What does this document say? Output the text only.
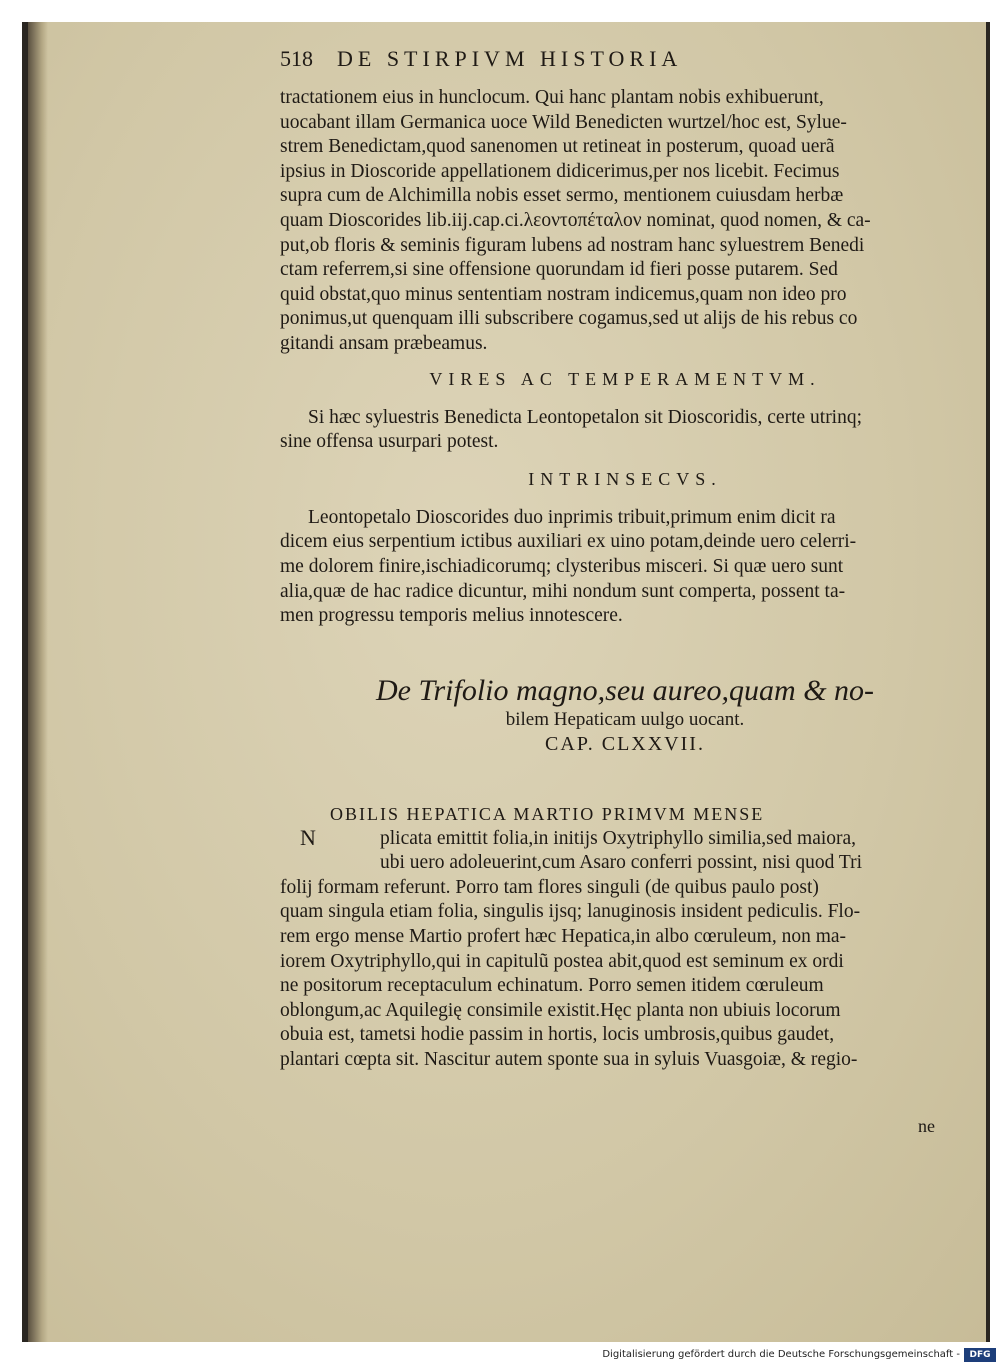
518 DE STIRPIVM HISTORIA

tractationem eius in hunclocum. Qui hanc plantam nobis exhibuerunt,

uocabant illam Germanica uoce Wild Benedicten wurtzel/hoc est, Sylue-

strem Benedictam,quod sanenomen ut retineat in posterum, quoad uerã

ipsius in Dioscoride appellationem didicerimus,per nos licebit. Fecimus

supra cum de Alchimilla nobis esset sermo, mentionem cuiusdam herbæ

quam Dioscorides lib.iij.cap.ci.λεοντοπέταλον nominat, quod nomen, & ca-

put,ob floris & seminis figuram lubens ad nostram hanc syluestrem Benedi

ctam referrem,si sine offensione quorundam id fieri posse putarem. Sed

quid obstat,quo minus sententiam nostram indicemus,quam non ideo pro

ponimus,ut quenquam illi subscribere cogamus,sed ut alijs de his rebus co

gitandi ansam præbeamus.

VIRES AC TEMPERAMENTVM.

Si hæc syluestris Benedicta Leontopetalon sit Dioscoridis, certe utrinq;

sine offensa usurpari potest.

INTRINSECVS.

Leontopetalo Dioscorides duo inprimis tribuit,primum enim dicit ra

dicem eius serpentium ictibus auxiliari ex uino potam,deinde uero celerri-

me dolorem finire,ischiadicorumq; clysteribus misceri. Si quæ uero sunt

alia,quæ de hac radice dicuntur, mihi nondum sunt comperta, possent ta-

men progressu temporis melius innotescere.

De Trifolio magno,seu aureo,quam & no-
bilem Hepaticam uulgo uocant.
CAP. CLXXVII.
OBILIS HEPATICA MARTIO PRIMVM MENSE
N	plicata emittit folia,in initijs Oxytriphyllo similia,sed maiora,

ubi uero adoleuerint,cum Asaro conferri possint, nisi quod Tri

folij formam referunt. Porro tam flores singuli (de quibus paulo post)

quam singula etiam folia, singulis ijsq; lanuginosis insident pediculis. Flo-

rem ergo mense Martio profert hæc Hepatica,in albo cœruleum, non ma-

iorem Oxytriphyllo,qui in capitulũ postea abit,quod est seminum ex ordi

ne positorum receptaculum echinatum. Porro semen itidem cœruleum

oblongum,ac Aquilegię consimile existit.Hęc planta non ubiuis locorum

obuia est, tametsi hodie passim in hortis, locis umbrosis,quibus gaudet,

plantari cœpta sit. Nascitur autem sponte sua in syluis Vuasgoiæ, & regio-

ne
Digitalisierung gefördert durch die Deutsche Forschungsgemeinschaft -	DFG
